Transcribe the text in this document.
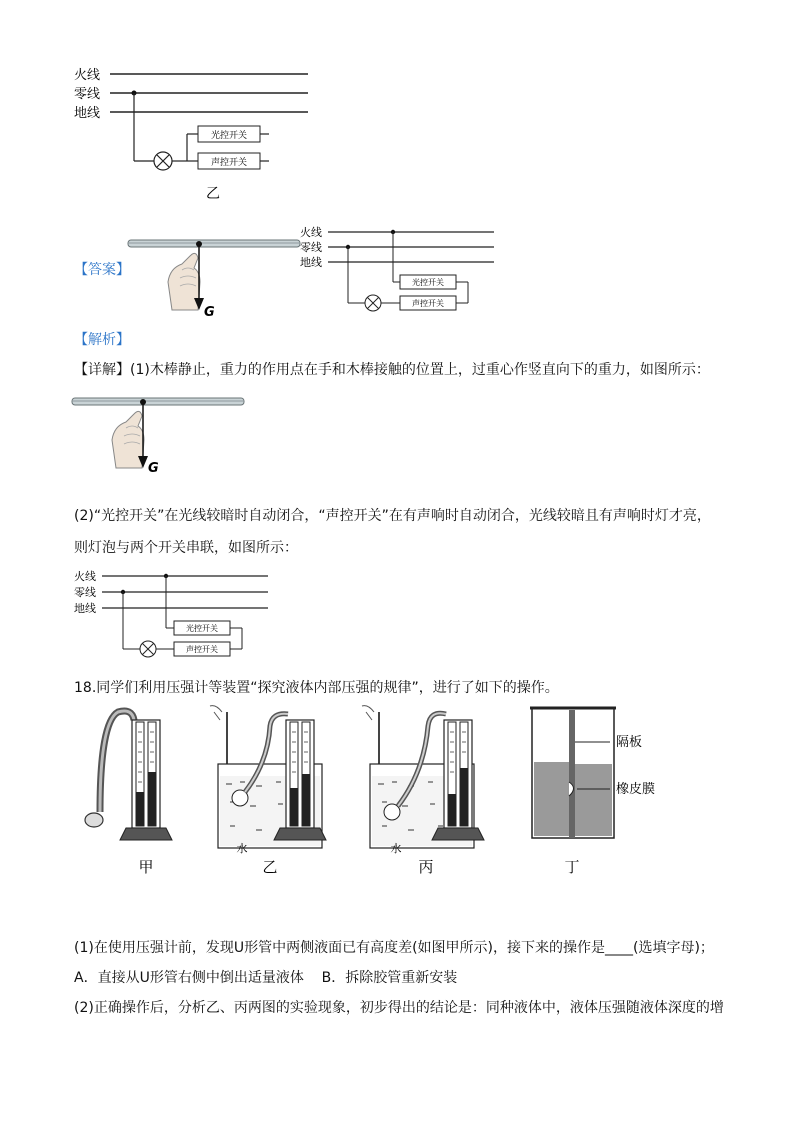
火线
零线
地线
光控开关
声控开关
乙
【答案】
G
火线
零线
地线
声控开关
光控开关
【解析】
【详解】(1)木棒静止，重力的作用点在手和木棒接触的位置上，过重心作竖直向下的重力，如图所示：
G
(2)“光控开关”在光线较暗时自动闭合，“声控开关”在有声响时自动闭合，光线较暗且有声响时灯才亮，
则灯泡与两个开关串联，如图所示：
火线
零线
地线
声控开关
光控开关
18.同学们利用压强计等装置“探究液体内部压强的规律”，进行了如下的操作。
甲
水
乙
水
丙
隔板
橡皮膜
丁
(1)在使用压强计前，发现U形管中两侧液面已有高度差(如图甲所示)，接下来的操作是____(选填字母)；
A．直接从U形管右侧中倒出适量液体    B．拆除胶管重新安装
(2)正确操作后，分析乙、丙两图的实验现象，初步得出的结论是：同种液体中，液体压强随液体深度的增
